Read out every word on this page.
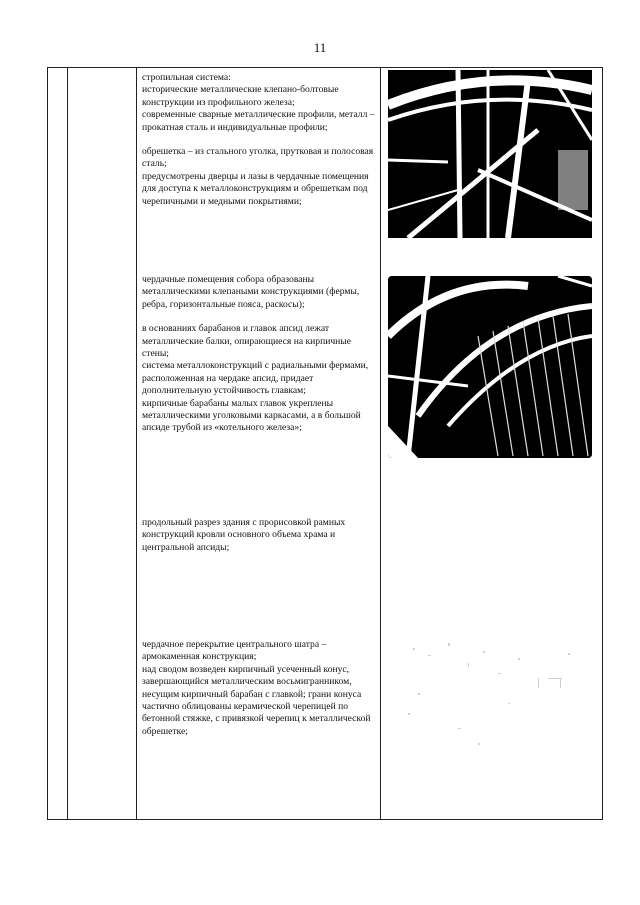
11

стропильная система:

исторические металлические клепано-болтовые конструкции из профильного железа;

современные сварные металлические профили, металл – прокатная сталь и индивидуальные профили;

обрешетка – из стального уголка, прутковая и полосовая сталь;

предусмотрены дверцы и лазы в чердачные помещения для доступа к металлоконструкциям и обрешеткам под черепичными и медными покрытиями;

чердачные помещения собора образованы металлическими клепаными конструкциями (фермы, ребра, горизонтальные пояса, раскосы);

в основаниях барабанов и главок апсид лежат металлические балки, опирающиеся на кирпичные стены;

система металлоконструкций с радиальными фермами, расположенная на чердаке апсид, придает дополнительную устойчивость главкам;

кирпичные барабаны малых главок укреплены металлическими уголковыми каркасами, а в большой апсиде трубой из «котельного железа»;

продольный разрез здания с прорисовкой рамных конструкций кровли основного объема храма и центральной апсиды;

чердачное перекрытие центрального шатра – армокаменная конструкция;

над сводом возведен кирпичный усеченный конус, завершающийся металлическим восьмигранником, несущим кирпичный барабан с главкой; грани конуса частично облицованы керамической черепицей по бетонной стяжке, с привязкой черепиц к металлической обрешетке;
